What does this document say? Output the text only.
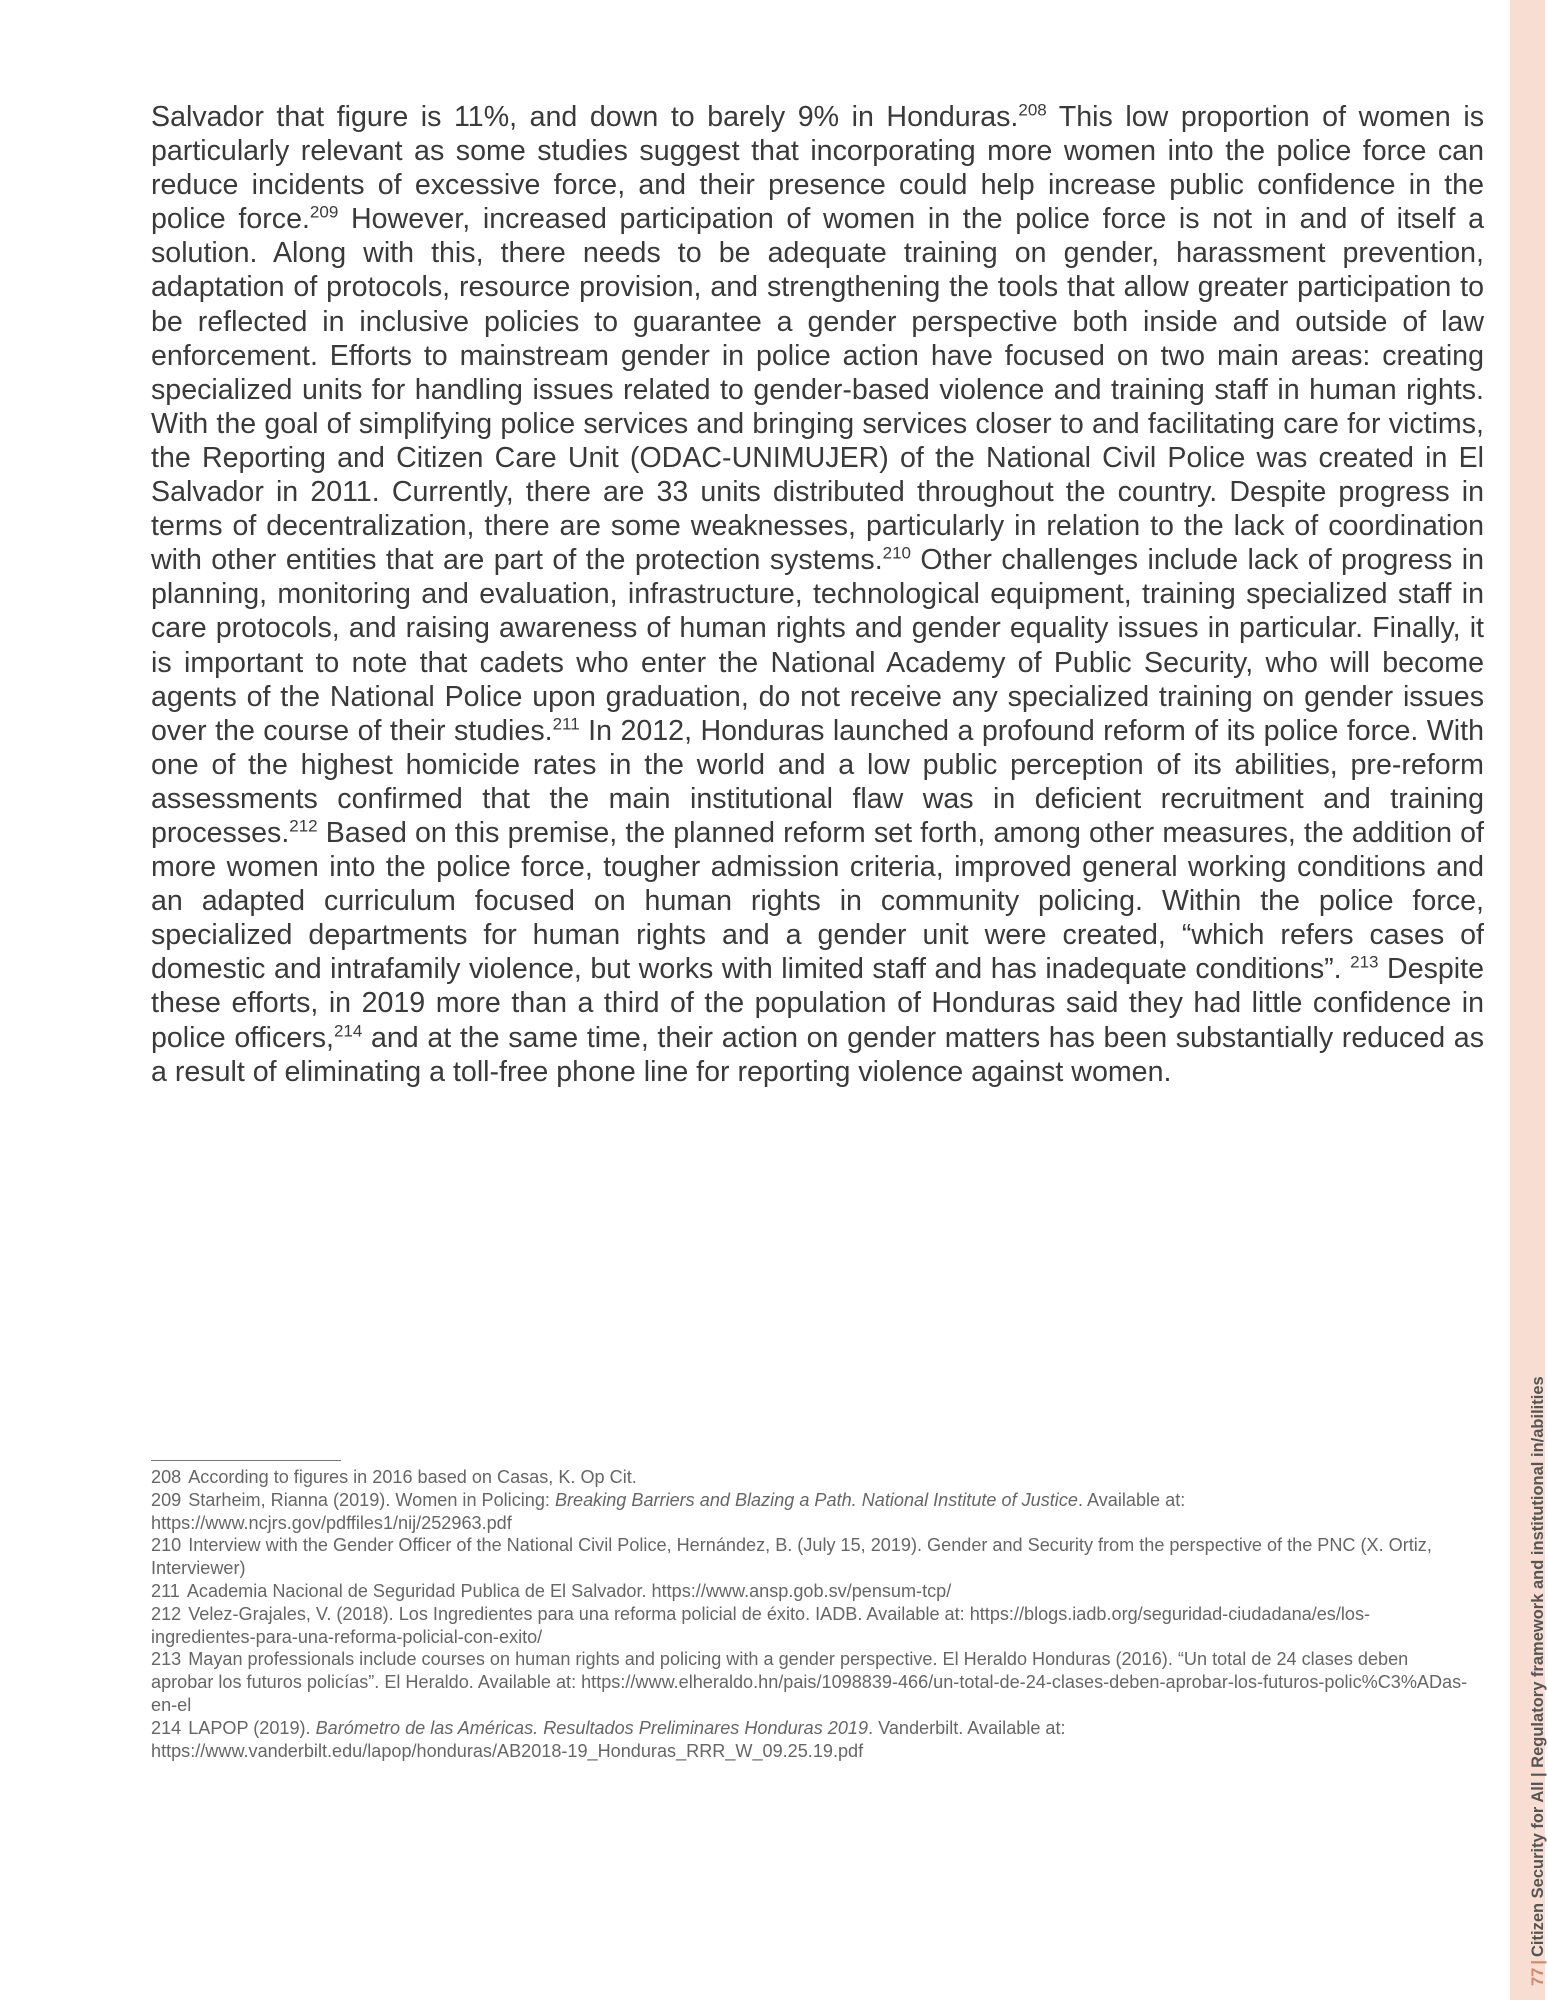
Salvador that figure is 11%, and down to barely 9% in Honduras.$^{208}$ This low proportion of women is particularly relevant as some studies suggest that incorporating more women into the police force can reduce incidents of excessive force, and their presence could help increase public confidence in the police force.$^{209}$ However, increased participation of women in the police force is not in and of itself a solution. Along with this, there needs to be adequate training on gender, harassment prevention, adaptation of protocols, resource provision, and strengthening the tools that allow greater participation to be reflected in inclusive policies to guarantee a gender perspective both inside and outside of law enforcement. Efforts to mainstream gender in police action have focused on two main areas: creating specialized units for handling issues related to gender-based violence and training staff in human rights. With the goal of simplifying police services and bringing services closer to and facilitating care for victims, the Reporting and Citizen Care Unit (ODAC-UNIMUJER) of the National Civil Police was created in El Salvador in 2011. Currently, there are 33 units distributed throughout the country. Despite progress in terms of decentralization, there are some weaknesses, particularly in relation to the lack of coordination with other entities that are part of the protection systems.$^{210}$ Other challenges include lack of progress in planning, monitoring and evaluation, infrastructure, technological equipment, training specialized staff in care protocols, and raising awareness of human rights and gender equality issues in particular. Finally, it is important to note that cadets who enter the National Academy of Public Security, who will become agents of the National Police upon graduation, do not receive any specialized training on gender issues over the course of their studies.$^{211}$ In 2012, Honduras launched a profound reform of its police force. With one of the highest homicide rates in the world and a low public perception of its abilities, pre-reform assessments confirmed that the main institutional flaw was in deficient recruitment and training processes.$^{212}$ Based on this premise, the planned reform set forth, among other measures, the addition of more women into the police force, tougher admission criteria, improved general working conditions and an adapted curriculum focused on human rights in community policing. Within the police force, specialized departments for human rights and a gender unit were created, “which refers cases of domestic and intrafamily violence, but works with limited staff and has inadequate conditions”. $^{213}$ Despite these efforts, in 2019 more than a third of the population of Honduras said they had little confidence in police officers,$^{214}$ and at the same time, their action on gender matters has been substantially reduced as a result of eliminating a toll-free phone line for reporting violence against women.

208 According to figures in 2016 based on Casas, K. Op Cit.

209 Starheim, Rianna (2019). Women in Policing: Breaking Barriers and Blazing a Path. National Institute of Justice. Available at: https://www.ncjrs.gov/pdffiles1/nij/252963.pdf

210 Interview with the Gender Officer of the National Civil Police, Hernández, B. (July 15, 2019). Gender and Security from the perspective of the PNC (X. Ortiz, Interviewer)

211 Academia Nacional de Seguridad Publica de El Salvador. https://www.ansp.gob.sv/pensum-tcp/

212 Velez-Grajales, V. (2018). Los Ingredientes para una reforma policial de éxito. IADB. Available at: https://blogs.iadb.org/seguridad-ciudadana/es/los-ingredientes-para-una-reforma-policial-con-exito/

213 Mayan professionals include courses on human rights and policing with a gender perspective. El Heraldo Honduras (2016). “Un total de 24 clases deben aprobar los futuros policías”. El Heraldo. Available at: https://www.elheraldo.hn/pais/1098839-466/un-total-de-24-clases-deben-aprobar-los-futuros-polic%C3%ADas-en-el

214 LAPOP (2019). Barómetro de las Américas. Resultados Preliminares Honduras 2019. Vanderbilt. Available at: https://www.vanderbilt.edu/lapop/honduras/AB2018-19_Honduras_RRR_W_09.25.19.pdf

77|Citizen Security for All | Regulatory framework and institutional in/abilities
